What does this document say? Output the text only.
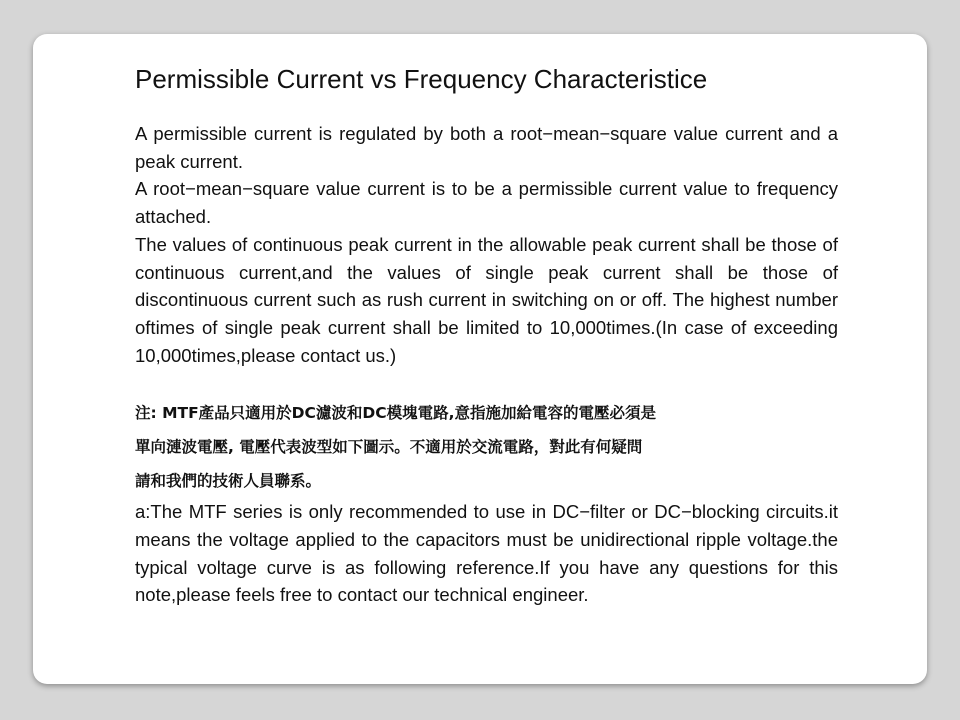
Permissible Current vs Frequency Characteristice

A permissible current is regulated by both a root−mean−square value current and a peak current.

A root−mean−square value current is to be a permissible current value to frequency attached.

The values of continuous peak current in the allowable peak current shall be those of continuous current,and the values of single peak current shall be those of discontinuous current such as rush current in switching on or off. The highest number oftimes of single peak current shall be limited to 10,000times.(In case of exceeding 10,000times,please contact us.)

注: MTF產品只適用於DC濾波和DC模塊電路,意指施加給電容的電壓必須是

單向漣波電壓, 電壓代表波型如下圖示。不適用於交流電路，對此有何疑問

請和我們的技術人員聯系。

a:The MTF series is only recommended to use in DC−filter or DC−blocking circuits.it means the voltage applied to the capacitors must be unidirectional ripple voltage.the typical voltage curve is as following reference.If you have any questions for this note,please feels free to contact our technical engineer.
